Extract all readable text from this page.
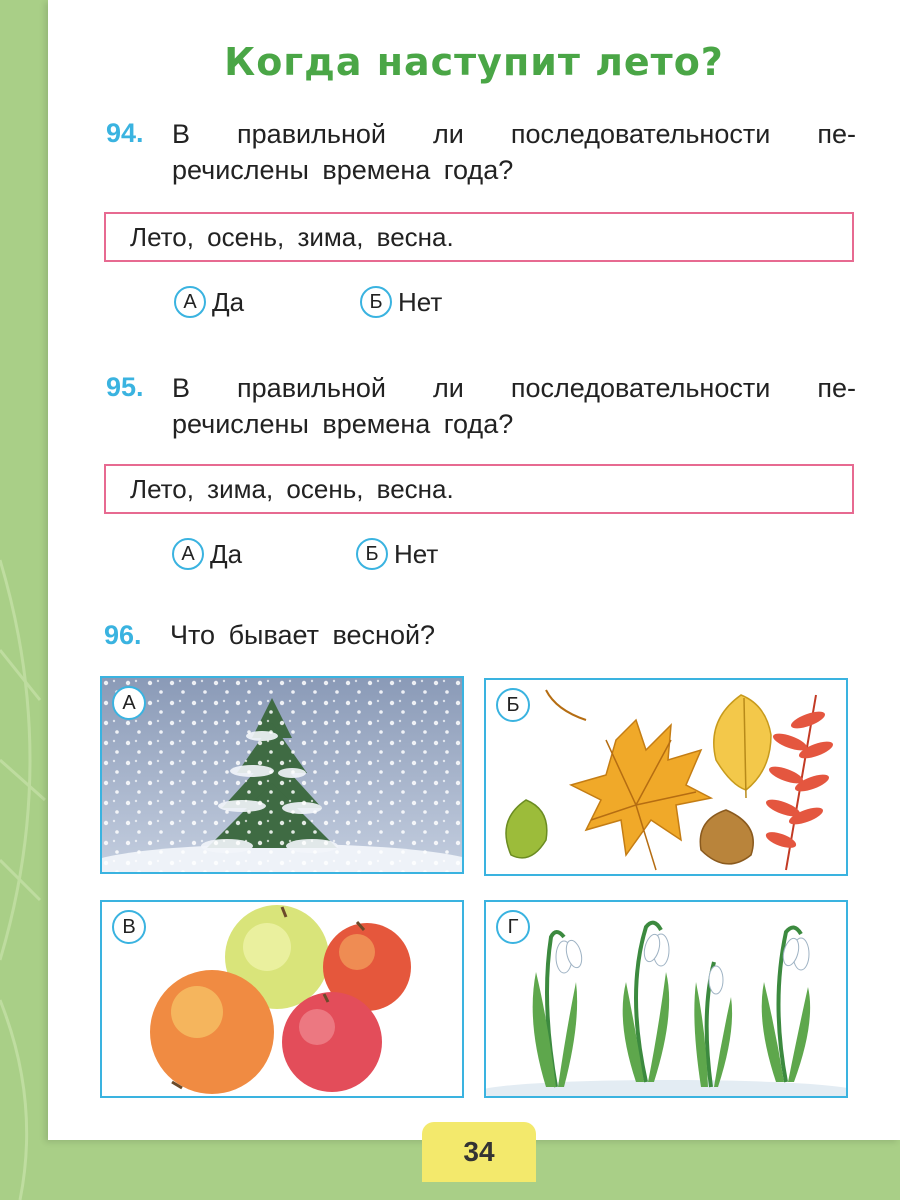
Когда наступит лето?
94. В правильной ли последовательности пе-
речислены времена года?
Лето, осень, зима, весна.
А Да	Б Нет
95. В правильной ли последовательности пе-
речислены времена года?
Лето, зима, осень, весна.
А Да	Б Нет
96. Что бывает весной?
А	Б
В	Г
34
